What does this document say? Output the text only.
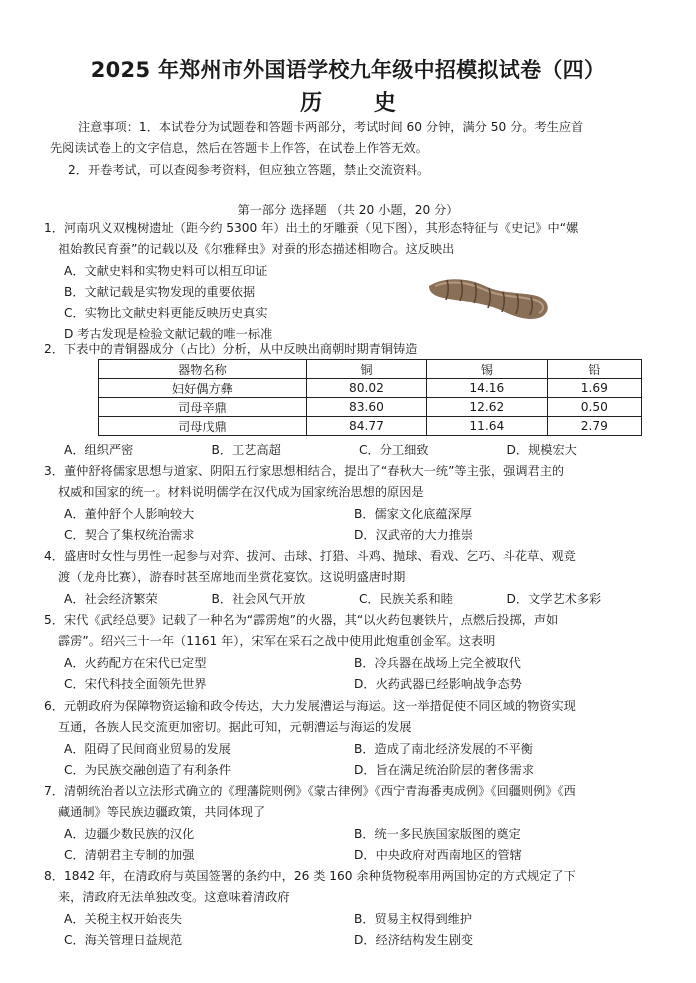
2025 年郑州市外国语学校九年级中招模拟试卷（四）
历 史

注意事项：1．本试卷分为试题卷和答题卡两部分，考试时间 60 分钟，满分 50 分。考生应首

先阅读试卷上的文字信息，然后在答题卡上作答，在试卷上作答无效。

2．开卷考试，可以查阅参考资料，但应独立答题，禁止交流资料。

第一部分 选择题 （共 20 小题，20 分）

1．河南巩义双槐树遗址（距今约 5300 年）出土的牙雕蚕（见下图），其形态特征与《史记》中“嫘

祖始教民育蚕”的记载以及《尔雅释虫》对蚕的形态描述相吻合。这反映出

A．文献史料和实物史料可以相互印证

B．文献记载是实物发现的重要依据

C．实物比文献史料更能反映历史真实

D 考古发现是检验文献记载的唯一标准

2．下表中的青铜器成分（占比）分析，从中反映出商朝时期青铜铸造

器物名称	铜	锡	铅
妇好偶方彝	80.02	14.16	1.69
司母辛鼎	83.60	12.62	0.50
司母戊鼎	84.77	11.64	2.79
A．组织严密	B．工艺高超	C．分工细致	D．规模宏大

3．董仲舒将儒家思想与道家、阴阳五行家思想相结合，提出了“春秋大一统”等主张，强调君主的

权威和国家的统一。材料说明儒学在汉代成为国家统治思想的原因是

A．董仲舒个人影响较大	B．儒家文化底蕴深厚
C．契合了集权统治需求	D．汉武帝的大力推崇

4．盛唐时女性与男性一起参与对弈、拔河、击球、打猎、斗鸡、抛球、看戏、乞巧、斗花草、观竞

渡（龙舟比赛），游春时甚至席地而坐赏花宴饮。这说明盛唐时期

A．社会经济繁荣	B．社会风气开放	C．民族关系和睦	D．文学艺术多彩

5．宋代《武经总要》记载了一种名为“霹雳炮”的火器，其“以火药包裹铁片，点燃后投掷，声如

霹雳”。绍兴三十一年（1161 年），宋军在采石之战中使用此炮重创金军。这表明

A．火药配方在宋代已定型	B．冷兵器在战场上完全被取代
C．宋代科技全面领先世界	D．火药武器已经影响战争态势

6．元朝政府为保障物资运输和政令传达，大力发展漕运与海运。这一举措促使不同区域的物资实现

互通，各族人民交流更加密切。据此可知，元朝漕运与海运的发展

A．阻碍了民间商业贸易的发展	B．造成了南北经济发展的不平衡
C．为民族交融创造了有利条件	D．旨在满足统治阶层的奢侈需求

7．清朝统治者以立法形式确立的《理藩院则例》《蒙古律例》《西宁青海番夷成例》《回疆则例》《西

藏通制》等民族边疆政策，共同体现了

A．边疆少数民族的汉化	B．统一多民族国家版图的奠定
C．清朝君主专制的加强	D．中央政府对西南地区的管辖

8．1842 年，在清政府与英国签署的条约中，26 类 160 余种货物税率用两国协定的方式规定了下

来，清政府无法单独改变。这意味着清政府

A．关税主权开始丧失	B．贸易主权得到维护
C．海关管理日益规范	D．经济结构发生剧变
